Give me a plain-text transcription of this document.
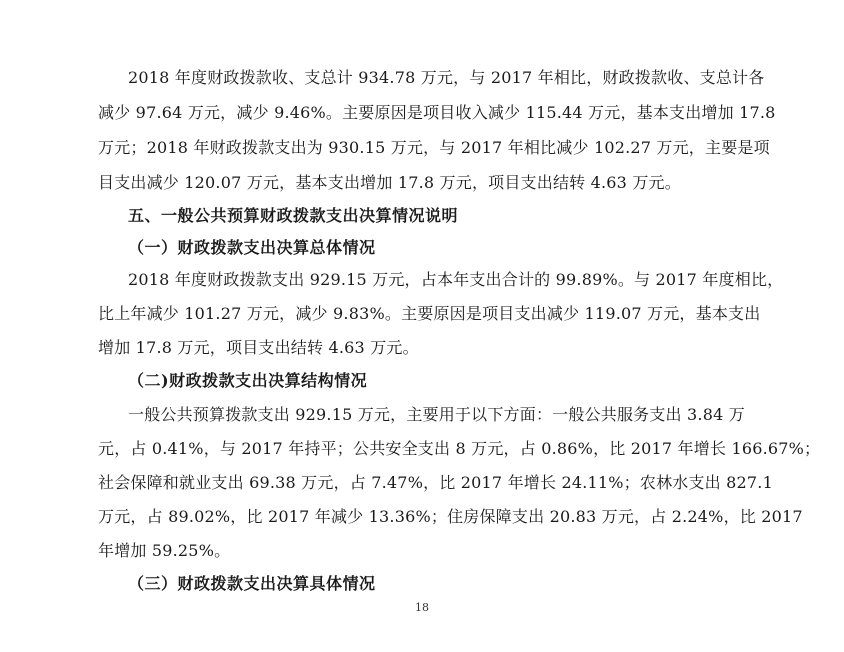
2018 年度财政拨款收、支总计 934.78 万元，与 2017 年相比，财政拨款收、支总计各
减少 97.64 万元，减少 9.46%。主要原因是项目收入减少 115.44 万元，基本支出增加 17.8
万元；2018 年财政拨款支出为 930.15 万元，与 2017 年相比减少 102.27 万元，主要是项
目支出减少 120.07 万元，基本支出增加 17.8 万元，项目支出结转 4.63 万元。
五、一般公共预算财政拨款支出决算情况说明
（一）财政拨款支出决算总体情况
2018 年度财政拨款支出 929.15 万元，占本年支出合计的 99.89%。与 2017 年度相比，
比上年减少 101.27 万元，减少 9.83%。主要原因是项目支出减少 119.07 万元，基本支出
增加 17.8 万元，项目支出结转 4.63 万元。
（二)财政拨款支出决算结构情况
一般公共预算拨款支出 929.15 万元，主要用于以下方面：一般公共服务支出 3.84 万
元，占 0.41%，与 2017 年持平；公共安全支出 8 万元，占 0.86%，比 2017 年增长 166.67%；
社会保障和就业支出 69.38 万元，占 7.47%，比 2017 年增长 24.11%；农林水支出 827.1
万元，占 89.02%，比 2017 年减少 13.36%；住房保障支出 20.83 万元，占 2.24%，比 2017
年增加 59.25%。
（三）财政拨款支出决算具体情况
18
